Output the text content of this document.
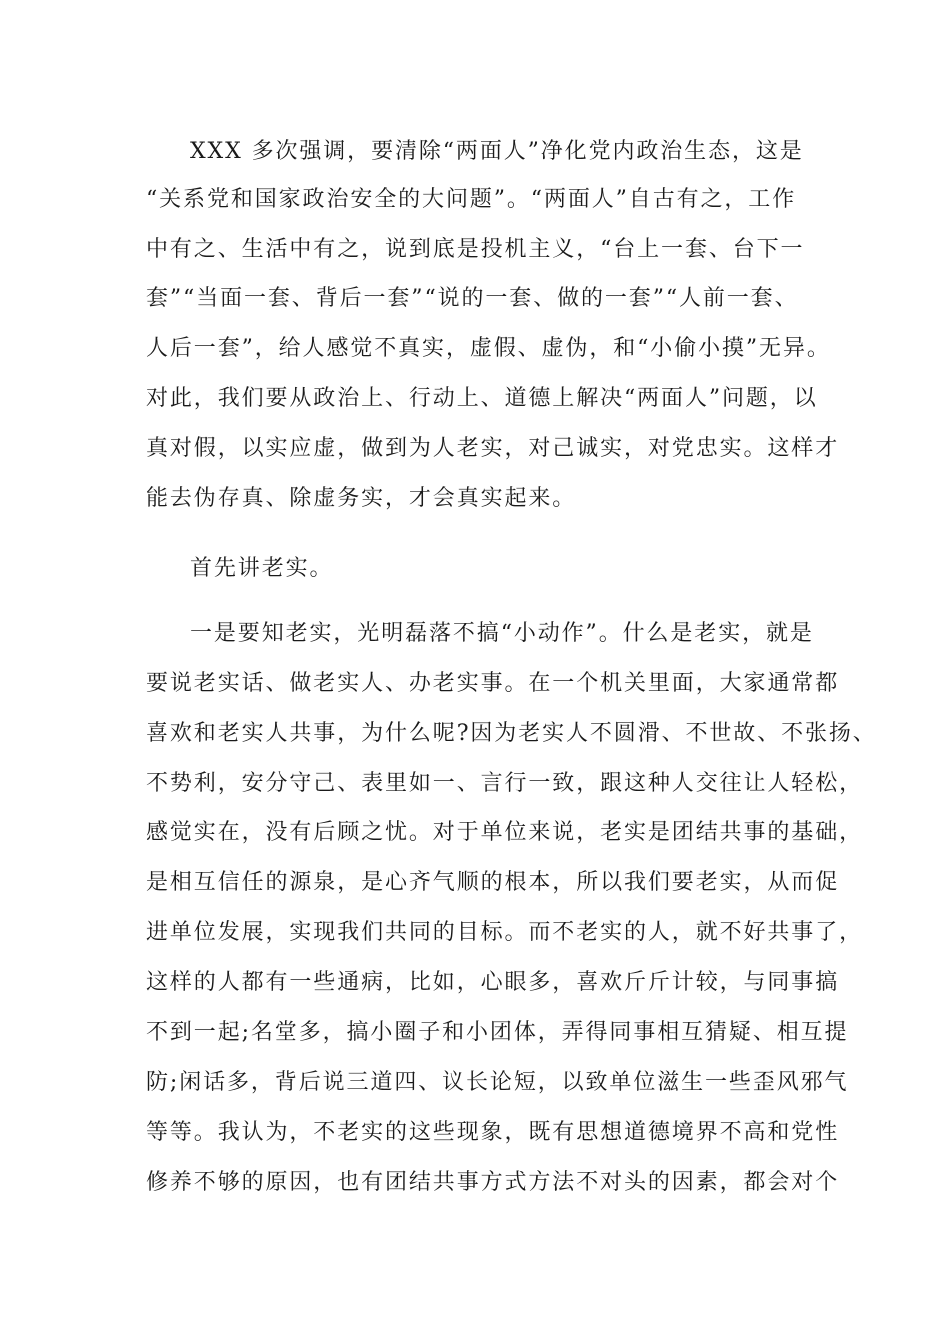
XXX 多次强调，要清除“两面人”净化党内政治生态，这是
“关系党和国家政治安全的大问题”。“两面人”自古有之，工作
中有之、生活中有之，说到底是投机主义，“台上一套、台下一
套”“当面一套、背后一套”“说的一套、做的一套”“人前一套、
人后一套”，给人感觉不真实，虚假、虚伪，和“小偷小摸”无异。
对此，我们要从政治上、行动上、道德上解决“两面人”问题，以
真对假，以实应虚，做到为人老实，对己诚实，对党忠实。这样才
能去伪存真、除虚务实，才会真实起来。
首先讲老实。
一是要知老实，光明磊落不搞“小动作”。什么是老实，就是
要说老实话、做老实人、办老实事。在一个机关里面，大家通常都
喜欢和老实人共事，为什么呢?因为老实人不圆滑、不世故、不张扬、
不势利，安分守己、表里如一、言行一致，跟这种人交往让人轻松，
感觉实在，没有后顾之忧。对于单位来说，老实是团结共事的基础，
是相互信任的源泉，是心齐气顺的根本，所以我们要老实，从而促
进单位发展，实现我们共同的目标。而不老实的人，就不好共事了，
这样的人都有一些通病，比如，心眼多，喜欢斤斤计较，与同事搞
不到一起;名堂多，搞小圈子和小团体，弄得同事相互猜疑、相互提
防;闲话多，背后说三道四、议长论短，以致单位滋生一些歪风邪气
等等。我认为，不老实的这些现象，既有思想道德境界不高和党性
修养不够的原因，也有团结共事方式方法不对头的因素，都会对个
